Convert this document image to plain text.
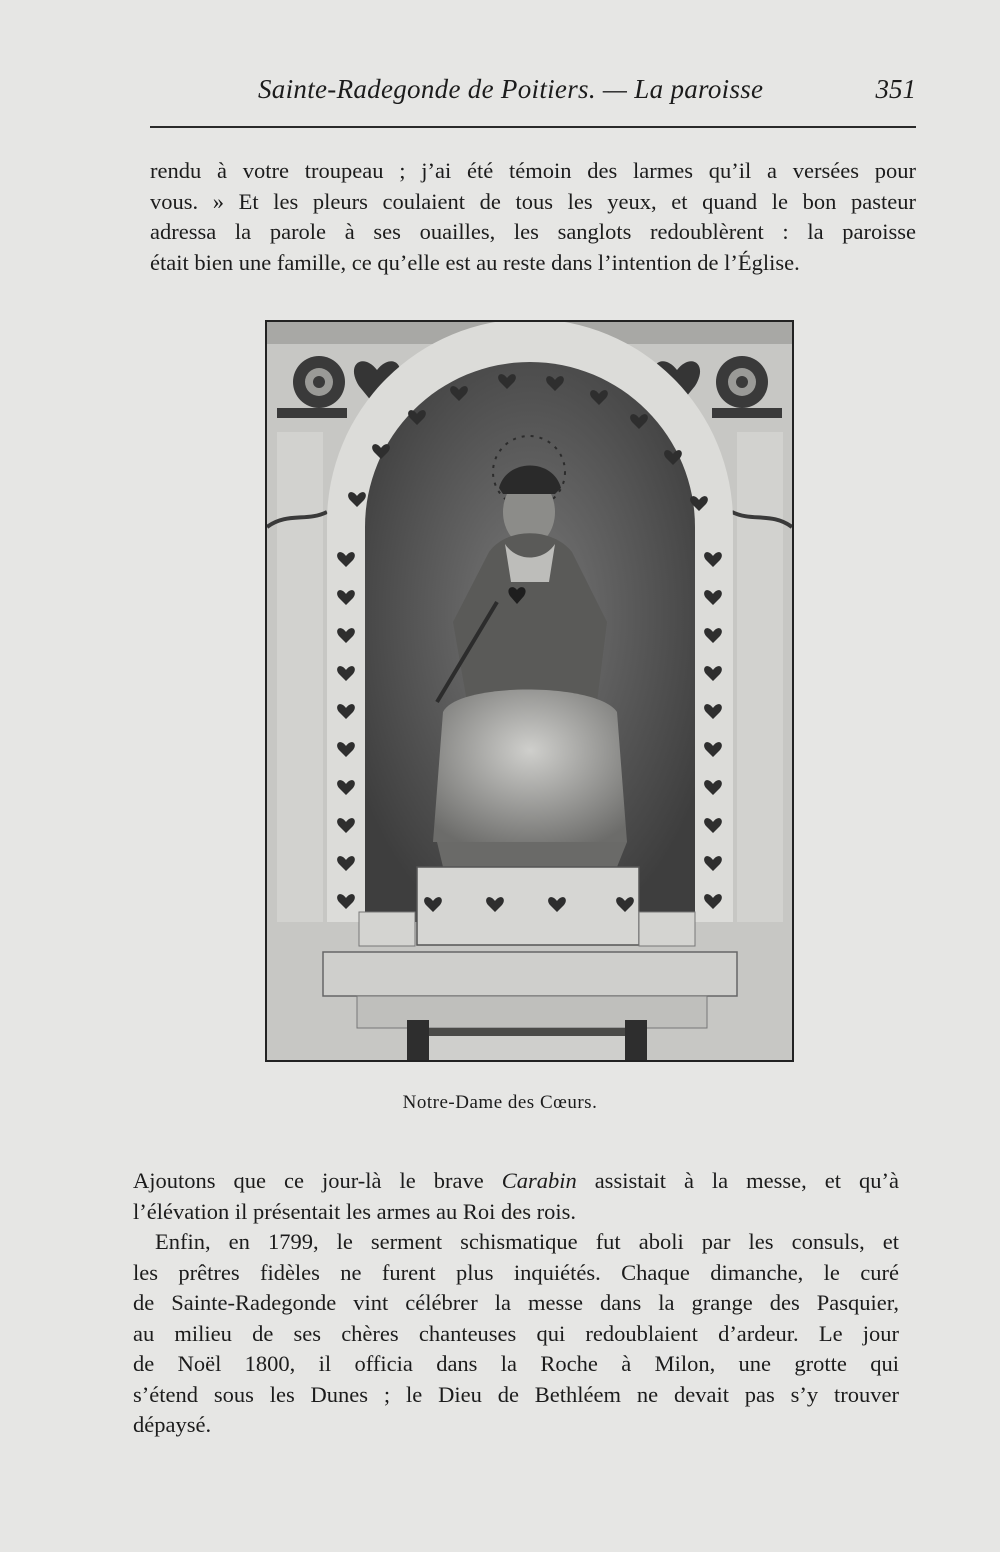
Sainte-Radegonde de Poitiers. — La paroisse	351
rendu à votre troupeau ; j’ai été témoin des larmes qu’il a versées pour
vous. » Et les pleurs coulaient de tous les yeux, et quand le bon pasteur
adressa la parole à ses ouailles, les sanglots redoublèrent : la paroisse
était bien une famille, ce qu’elle est au reste dans l’intention de l’Église.
Notre-Dame des Cœurs.
Ajoutons que ce jour-là le brave Carabin assistait à la messe, et qu’à
l’élévation il présentait les armes au Roi des rois.
Enfin, en 1799, le serment schismatique fut aboli par les consuls, et
les prêtres fidèles ne furent plus inquiétés. Chaque dimanche, le curé
de Sainte-Radegonde vint célébrer la messe dans la grange des Pasquier,
au milieu de ses chères chanteuses qui redoublaient d’ardeur. Le jour
de Noël 1800, il officia dans la Roche à Milon, une grotte qui
s’étend sous les Dunes ; le Dieu de Bethléem ne devait pas s’y trouver
dépaysé.
